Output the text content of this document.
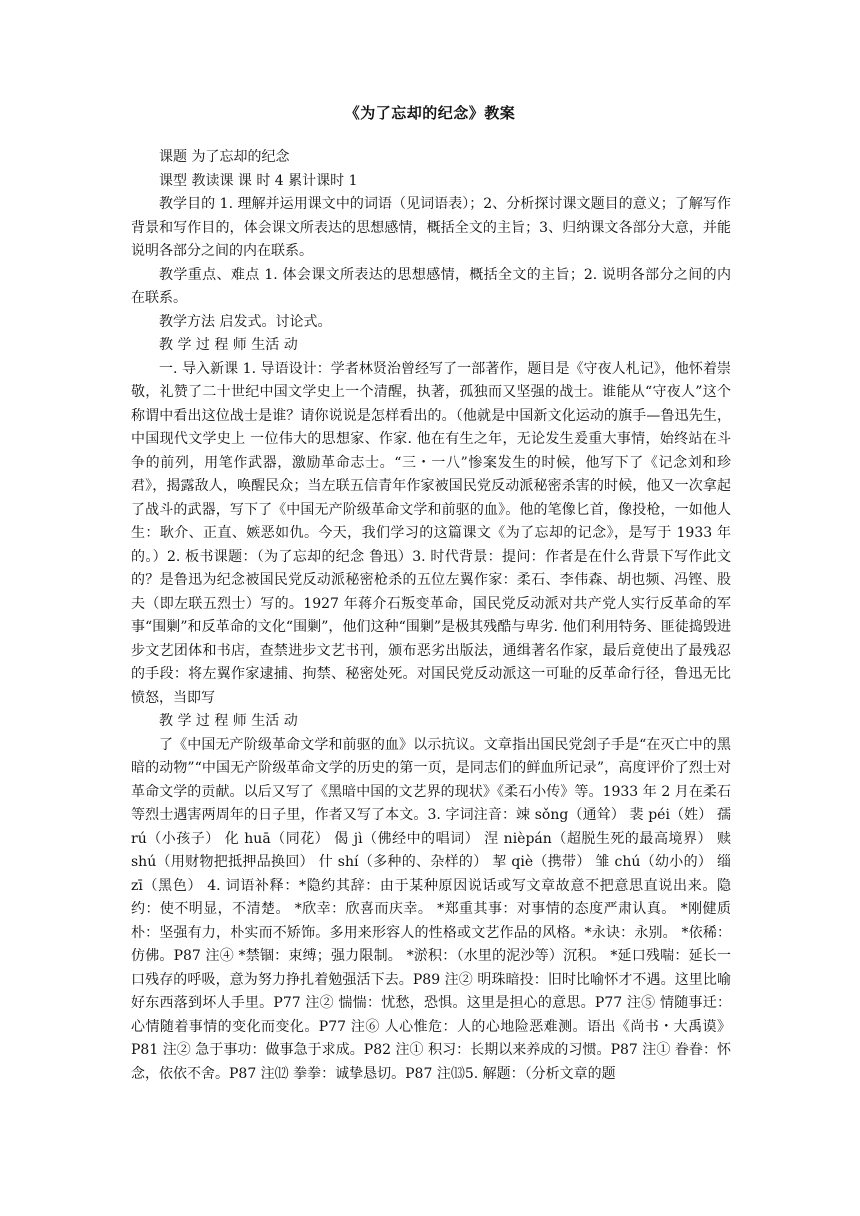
《为了忘却的纪念》教案

课题 为了忘却的纪念

课型 教读课 课 时 4 累计课时 1

教学目的 1. 理解并运用课文中的词语（见词语表）；2、分析探讨课文题目的意义；了解写作背景和写作目的，体会课文所表达的思想感情，概括全文的主旨；3、归纳课文各部分大意，并能说明各部分之间的内在联系。

教学重点、难点 1. 体会课文所表达的思想感情，概括全文的主旨；2. 说明各部分之间的内在联系。

教学方法 启发式。讨论式。

教 学 过 程 师 生活 动

一. 导入新课 1. 导语设计：学者林贤治曾经写了一部著作，题目是《守夜人札记》，他怀着崇敬，礼赞了二十世纪中国文学史上一个清醒，执著，孤独而又坚强的战士。谁能从“守夜人”这个称谓中看出这位战士是谁？请你说说是怎样看出的。（他就是中国新文化运动的旗手—鲁迅先生，中国现代文学史上 一位伟大的思想家、作家. 他在有生之年，无论发生爰重大事情，始终站在斗争的前列，用笔作武器，激励革命志士。“三・一八”惨案发生的时候，他写下了《记念刘和珍君》，揭露敌人，唤醒民众；当左联五信青年作家被国民党反动派秘密杀害的时候，他又一次拿起了战斗的武器，写下了《中国无产阶级革命文学和前驱的血》。他的笔像匕首，像投枪，一如他人生：耿介、正直、嫉恶如仇。今天，我们学习的这篇课文《为了忘却的记念》，是写于 1933 年的。）2. 板书课题：（为了忘却的纪念 鲁迅）3. 时代背景：提问：作者是在什么背景下写作此文的？是鲁迅为纪念被国民党反动派秘密枪杀的五位左翼作家：柔石、李伟森、胡也频、冯铿、股夫（即左联五烈士）写的。1927 年蒋介石叛变革命，国民党反动派对共产党人实行反革命的军事“围剿”和反革命的文化“围剿”，他们这种“围剿”是极其残酷与卑劣. 他们利用特务、匪徒捣毁进步文艺团体和书店，查禁进步文艺书刊，颁布恶劣出版法，通缉著名作家，最后竟使出了最残忍的手段：将左翼作家逮捕、拘禁、秘密处死。对国民党反动派这一可耻的反革命行径，鲁迅无比愤怒，当即写

教 学 过 程 师 生活 动

了《中国无产阶级革命文学和前驱的血》以示抗议。文章指出国民党刽子手是“在灭亡中的黑暗的动物”“中国无产阶级革命文学的历史的第一页，是同志们的鲜血所记录”，高度评价了烈士对革命文学的贡献。以后又写了《黑暗中国的文艺界的现状》《柔石小传》等。1933 年 2 月在柔石等烈士遇害两周年的日子里，作者又写了本文。3. 字词注音：竦 sǒng（通耸） 裴 péi（姓） 孺 rú（小孩子） 化 huā（同花） 偈 jì（佛经中的唱词） 涅 nièpán（超脱生死的最高境界） 赎 shú（用财物把抵押品换回） 什 shí（多种的、杂样的） 挈 qiè（携带） 雏 chú（幼小的） 缁 zī（黑色） 4. 词语补释：*隐约其辞：由于某种原因说话或写文章故意不把意思直说出来。隐约：使不明显，不清楚。 *欣幸：欣喜而庆幸。 *郑重其事：对事情的态度严肃认真。 *刚健质朴：坚强有力，朴实而不矫饰。多用来形容人的性格或文艺作品的风格。*永诀：永别。 *依稀：仿佛。P87 注④ *禁锢：束缚；强力限制。 *淤积：（水里的泥沙等）沉积。 *延口残喘：延长一口残存的呼吸，意为努力挣扎着勉强活下去。P89 注② 明珠暗投：旧时比喻怀才不遇。这里比喻好东西落到坏人手里。P77 注② 惴惴：忧愁，恐惧。这里是担心的意思。P77 注⑤ 情随事迁：心情随着事情的变化而变化。P77 注⑥ 人心惟危：人的心地险恶难测。语出《尚书・大禹谟》P81 注② 急于事功：做事急于求成。P82 注① 积习：长期以来养成的习惯。P87 注① 眷眷：怀念，依依不舍。P87 注⑿ 拳拳：诚挚恳切。P87 注⒀5. 解题：（分析文章的题
